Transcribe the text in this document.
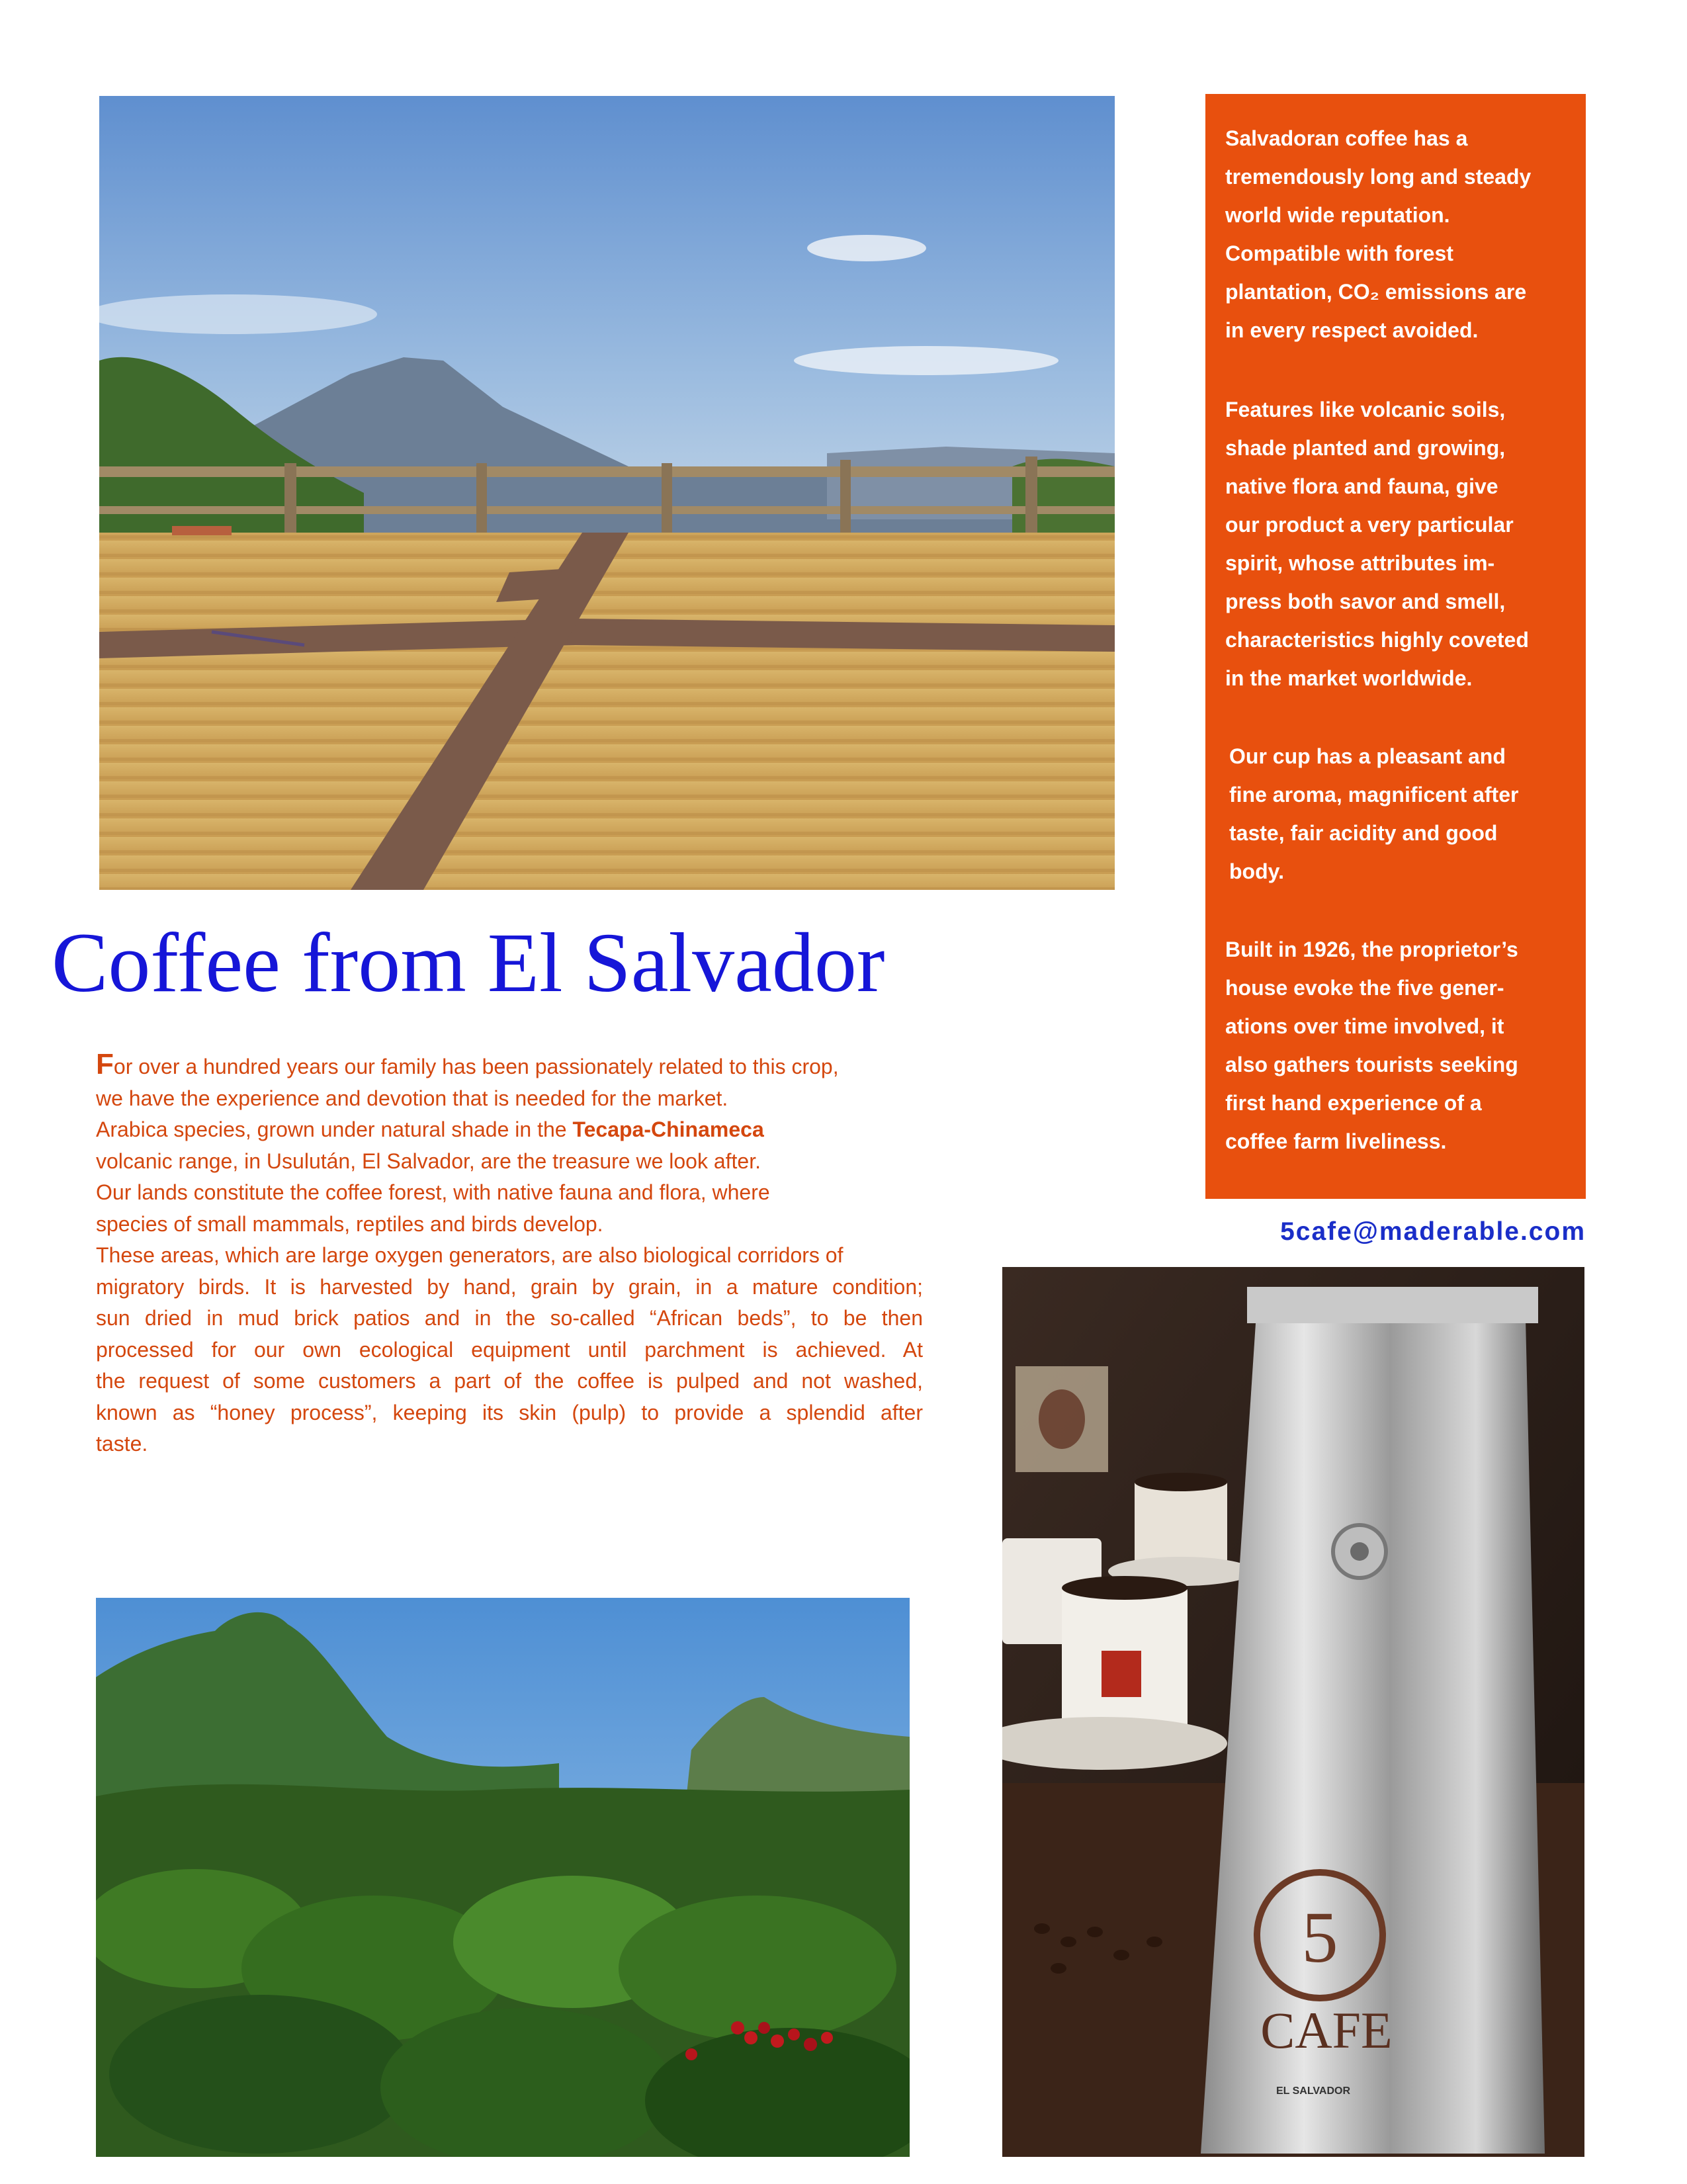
Salvadoran coffee has a
tremendously long and steady
world wide reputation.
Compatible with forest
plantation, CO₂ emissions are
in every respect avoided.

Features like volcanic soils,
shade planted and growing,
native flora and fauna, give
our product a very particular
spirit, whose attributes im-
press both savor and smell,
characteristics highly coveted
in the market worldwide.

Our cup has a pleasant and
fine aroma, magnificent after
taste, fair acidity and good
body.

Built in 1926, the proprietor’s
house evoke the five gener-
ations over time involved, it
also gathers tourists seeking
first hand experience of a
coffee farm liveliness.

5cafe@maderable.com
Coffee from El Salvador
For over a hundred years our family has been passionately related to this crop,
we have the experience and devotion that is needed for the market.
Arabica species, grown under natural shade in the Tecapa-Chinameca
volcanic range, in Usulután, El Salvador, are the treasure we look after.
Our lands constitute the coffee forest, with native fauna and flora, where
species of small mammals, reptiles and birds develop.
These areas, which are large oxygen generators, are also biological corridors of
migratory birds. It is harvested by hand, grain by grain, in a mature condition;
sun dried in mud brick patios and in the so-called “African beds”, to be then
processed for our own ecological equipment until parchment is achieved. At
the request of some customers a part of the coffee is pulped and not washed,
known as “honey process”, keeping its skin (pulp) to provide a splendid after
taste.
5
CAFE
EL SALVADOR
